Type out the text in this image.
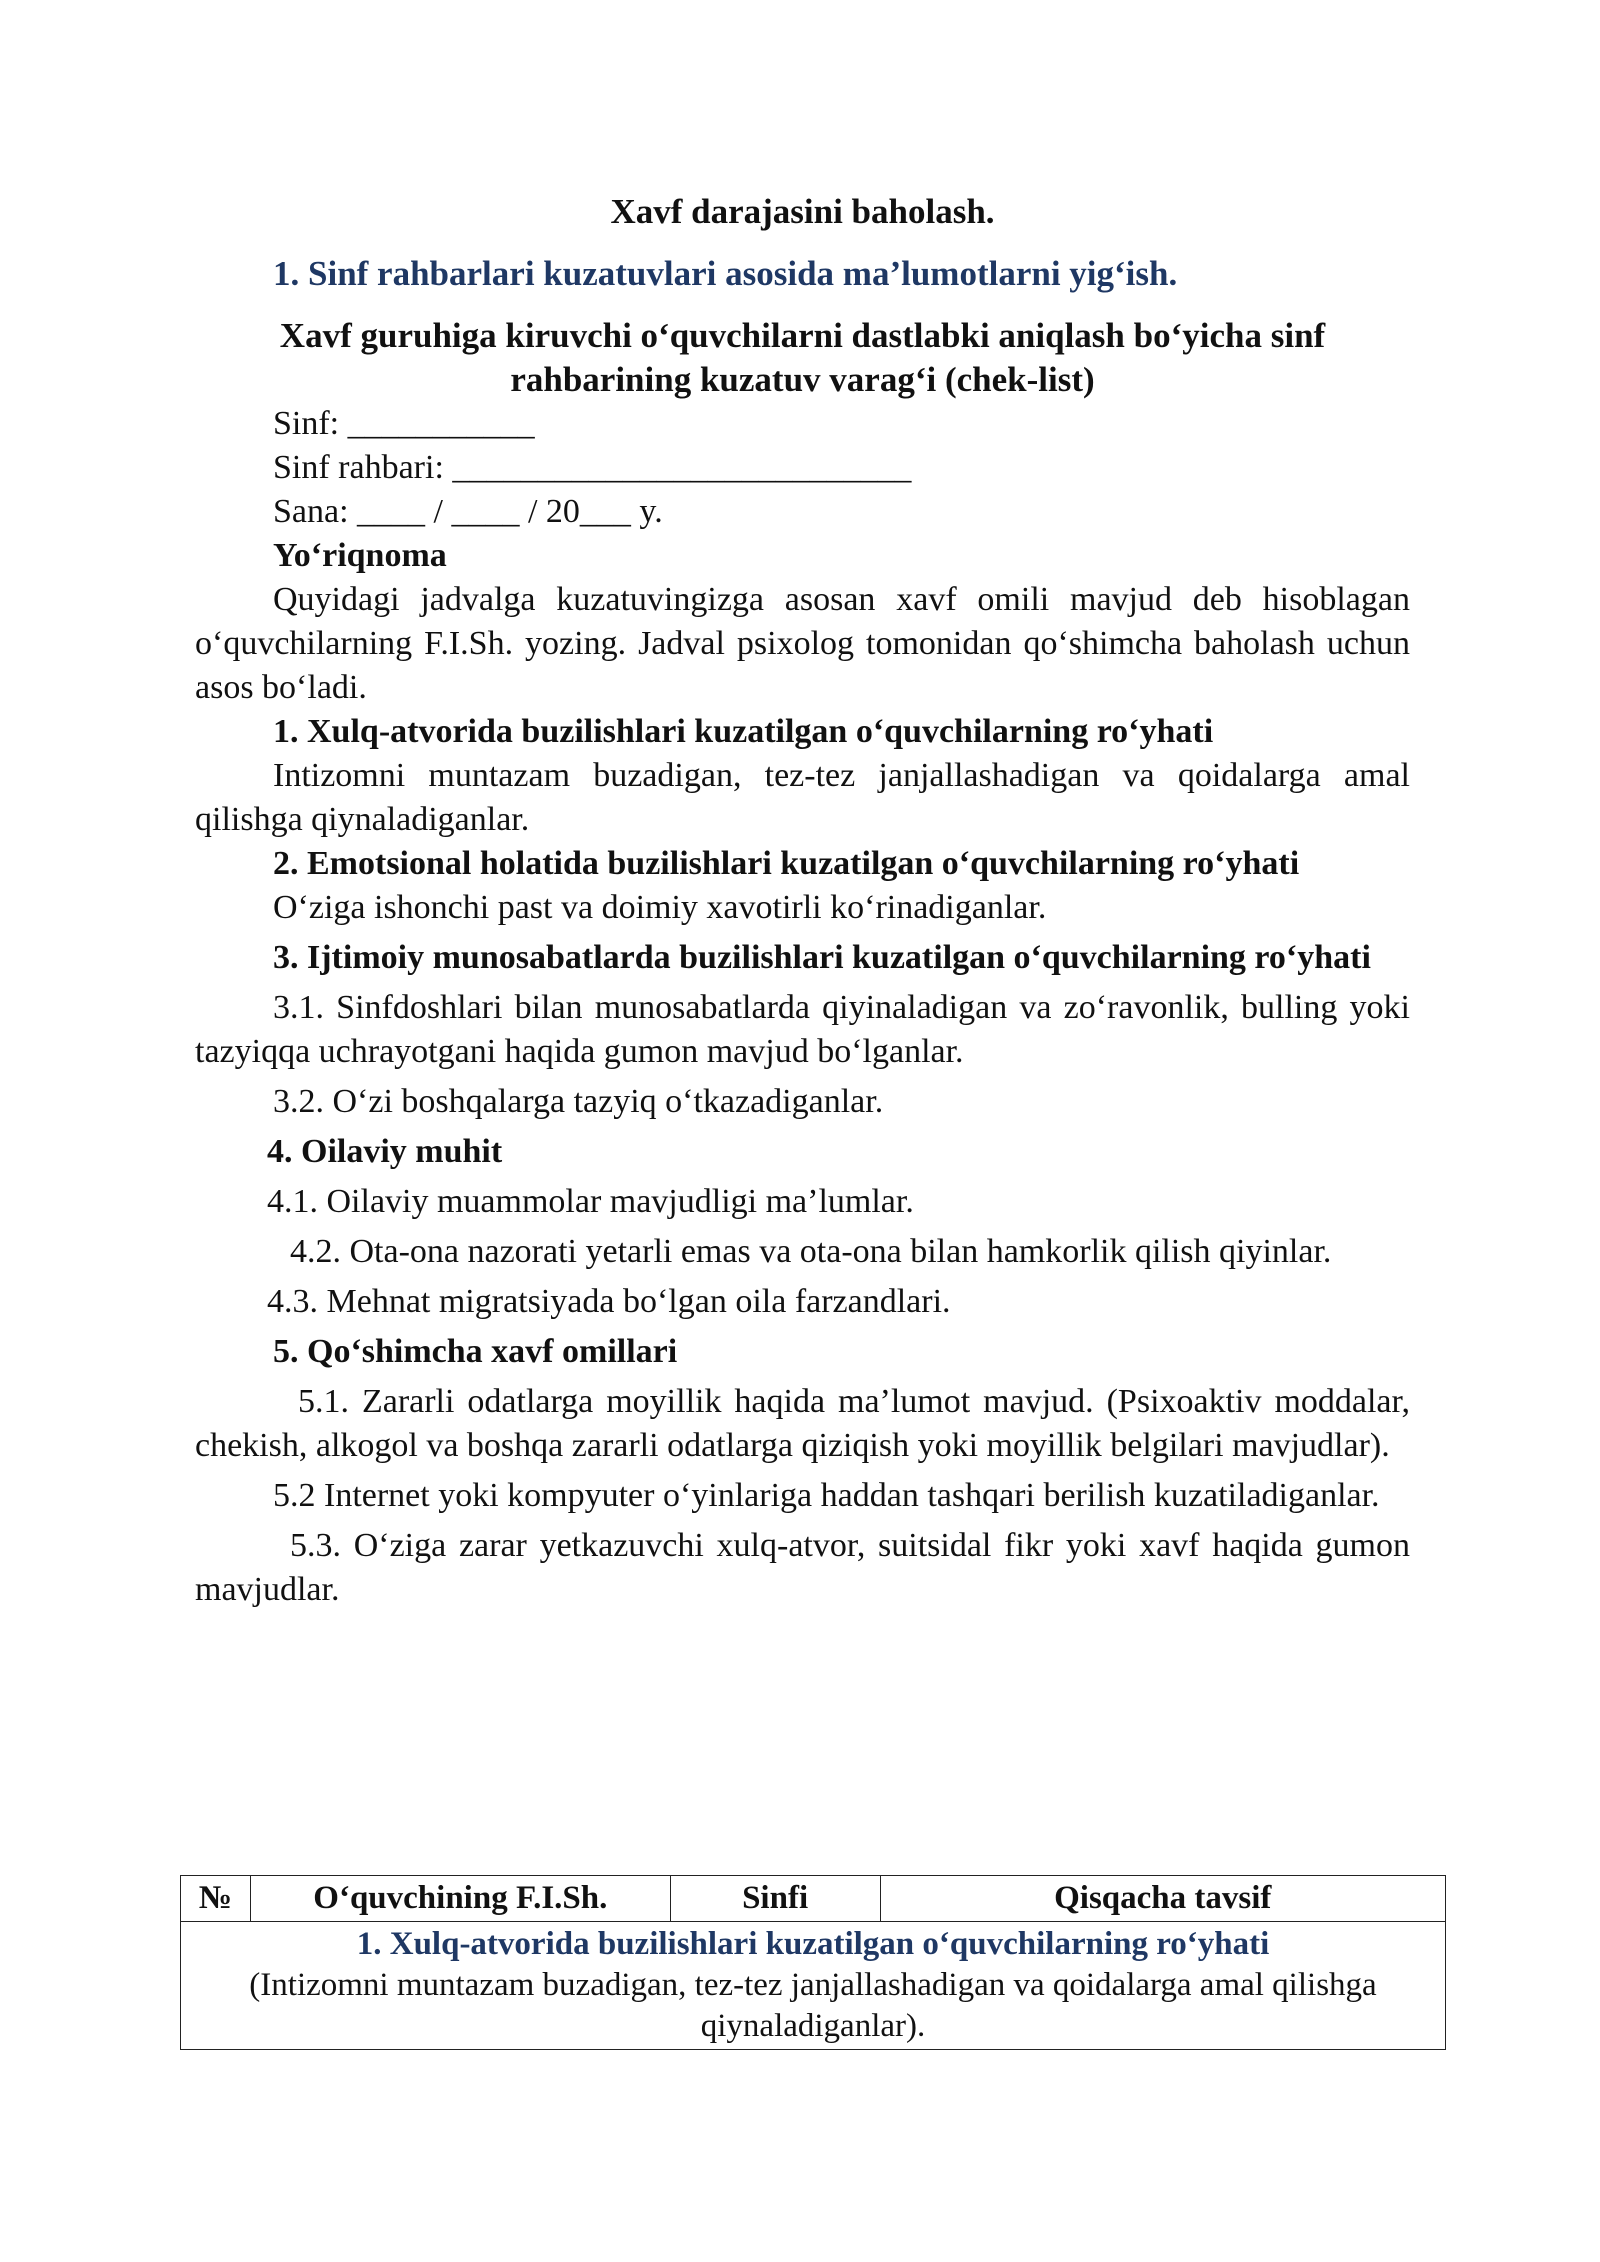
Xavf darajasini baholash.

1. Sinf rahbarlari kuzatuvlari asosida ma’lumotlarni yig‘ish.

Xavf guruhiga kiruvchi o‘quvchilarni dastlabki aniqlash bo‘yicha sinf

rahbarining kuzatuv varag‘i (chek-list)

Sinf: ___________

Sinf rahbari: ___________________________

Sana: ____ / ____ / 20___ y.

Yo‘riqnoma

Quyidagi jadvalga kuzatuvingizga asosan xavf omili mavjud deb hisoblagan o‘quvchilarning F.I.Sh. yozing. Jadval psixolog tomonidan qo‘shimcha baholash uchun asos bo‘ladi.

1. Xulq-atvorida buzilishlari kuzatilgan o‘quvchilarning ro‘yhati

Intizomni muntazam buzadigan, tez-tez janjallashadigan va qoidalarga amal qilishga qiynaladiganlar.

2. Emotsional holatida buzilishlari kuzatilgan o‘quvchilarning ro‘yhati

O‘ziga ishonchi past va doimiy xavotirli ko‘rinadiganlar.

3. Ijtimoiy munosabatlarda buzilishlari kuzatilgan o‘quvchilarning ro‘yhati

3.1. Sinfdoshlari bilan munosabatlarda qiyinaladigan va zo‘ravonlik, bulling yoki tazyiqqa uchrayotgani haqida gumon mavjud bo‘lganlar.

3.2. O‘zi boshqalarga tazyiq o‘tkazadiganlar.

4. Oilaviy muhit

4.1. Oilaviy muammolar mavjudligi ma’lumlar.

4.2. Ota-ona nazorati yetarli emas va ota-ona bilan hamkorlik qilish qiyinlar.

4.3. Mehnat migratsiyada bo‘lgan oila farzandlari.

5. Qo‘shimcha xavf omillari

5.1. Zararli odatlarga moyillik haqida ma’lumot mavjud. (Psixoaktiv moddalar, chekish, alkogol va boshqa zararli odatlarga qiziqish yoki moyillik belgilari mavjudlar).

5.2 Internet yoki kompyuter o‘yinlariga haddan tashqari berilish kuzatiladiganlar.

5.3. O‘ziga zarar yetkazuvchi xulq-atvor, suitsidal fikr yoki xavf haqida gumon mavjudlar.

№	O‘quvchining F.I.Sh.	Sinfi	Qisqacha tavsif

1. Xulq-atvorida buzilishlari kuzatilgan o‘quvchilarning ro‘yhati
(Intizomni muntazam buzadigan, tez-tez janjallashadigan va qoidalarga amal qilishga qiynaladiganlar).
